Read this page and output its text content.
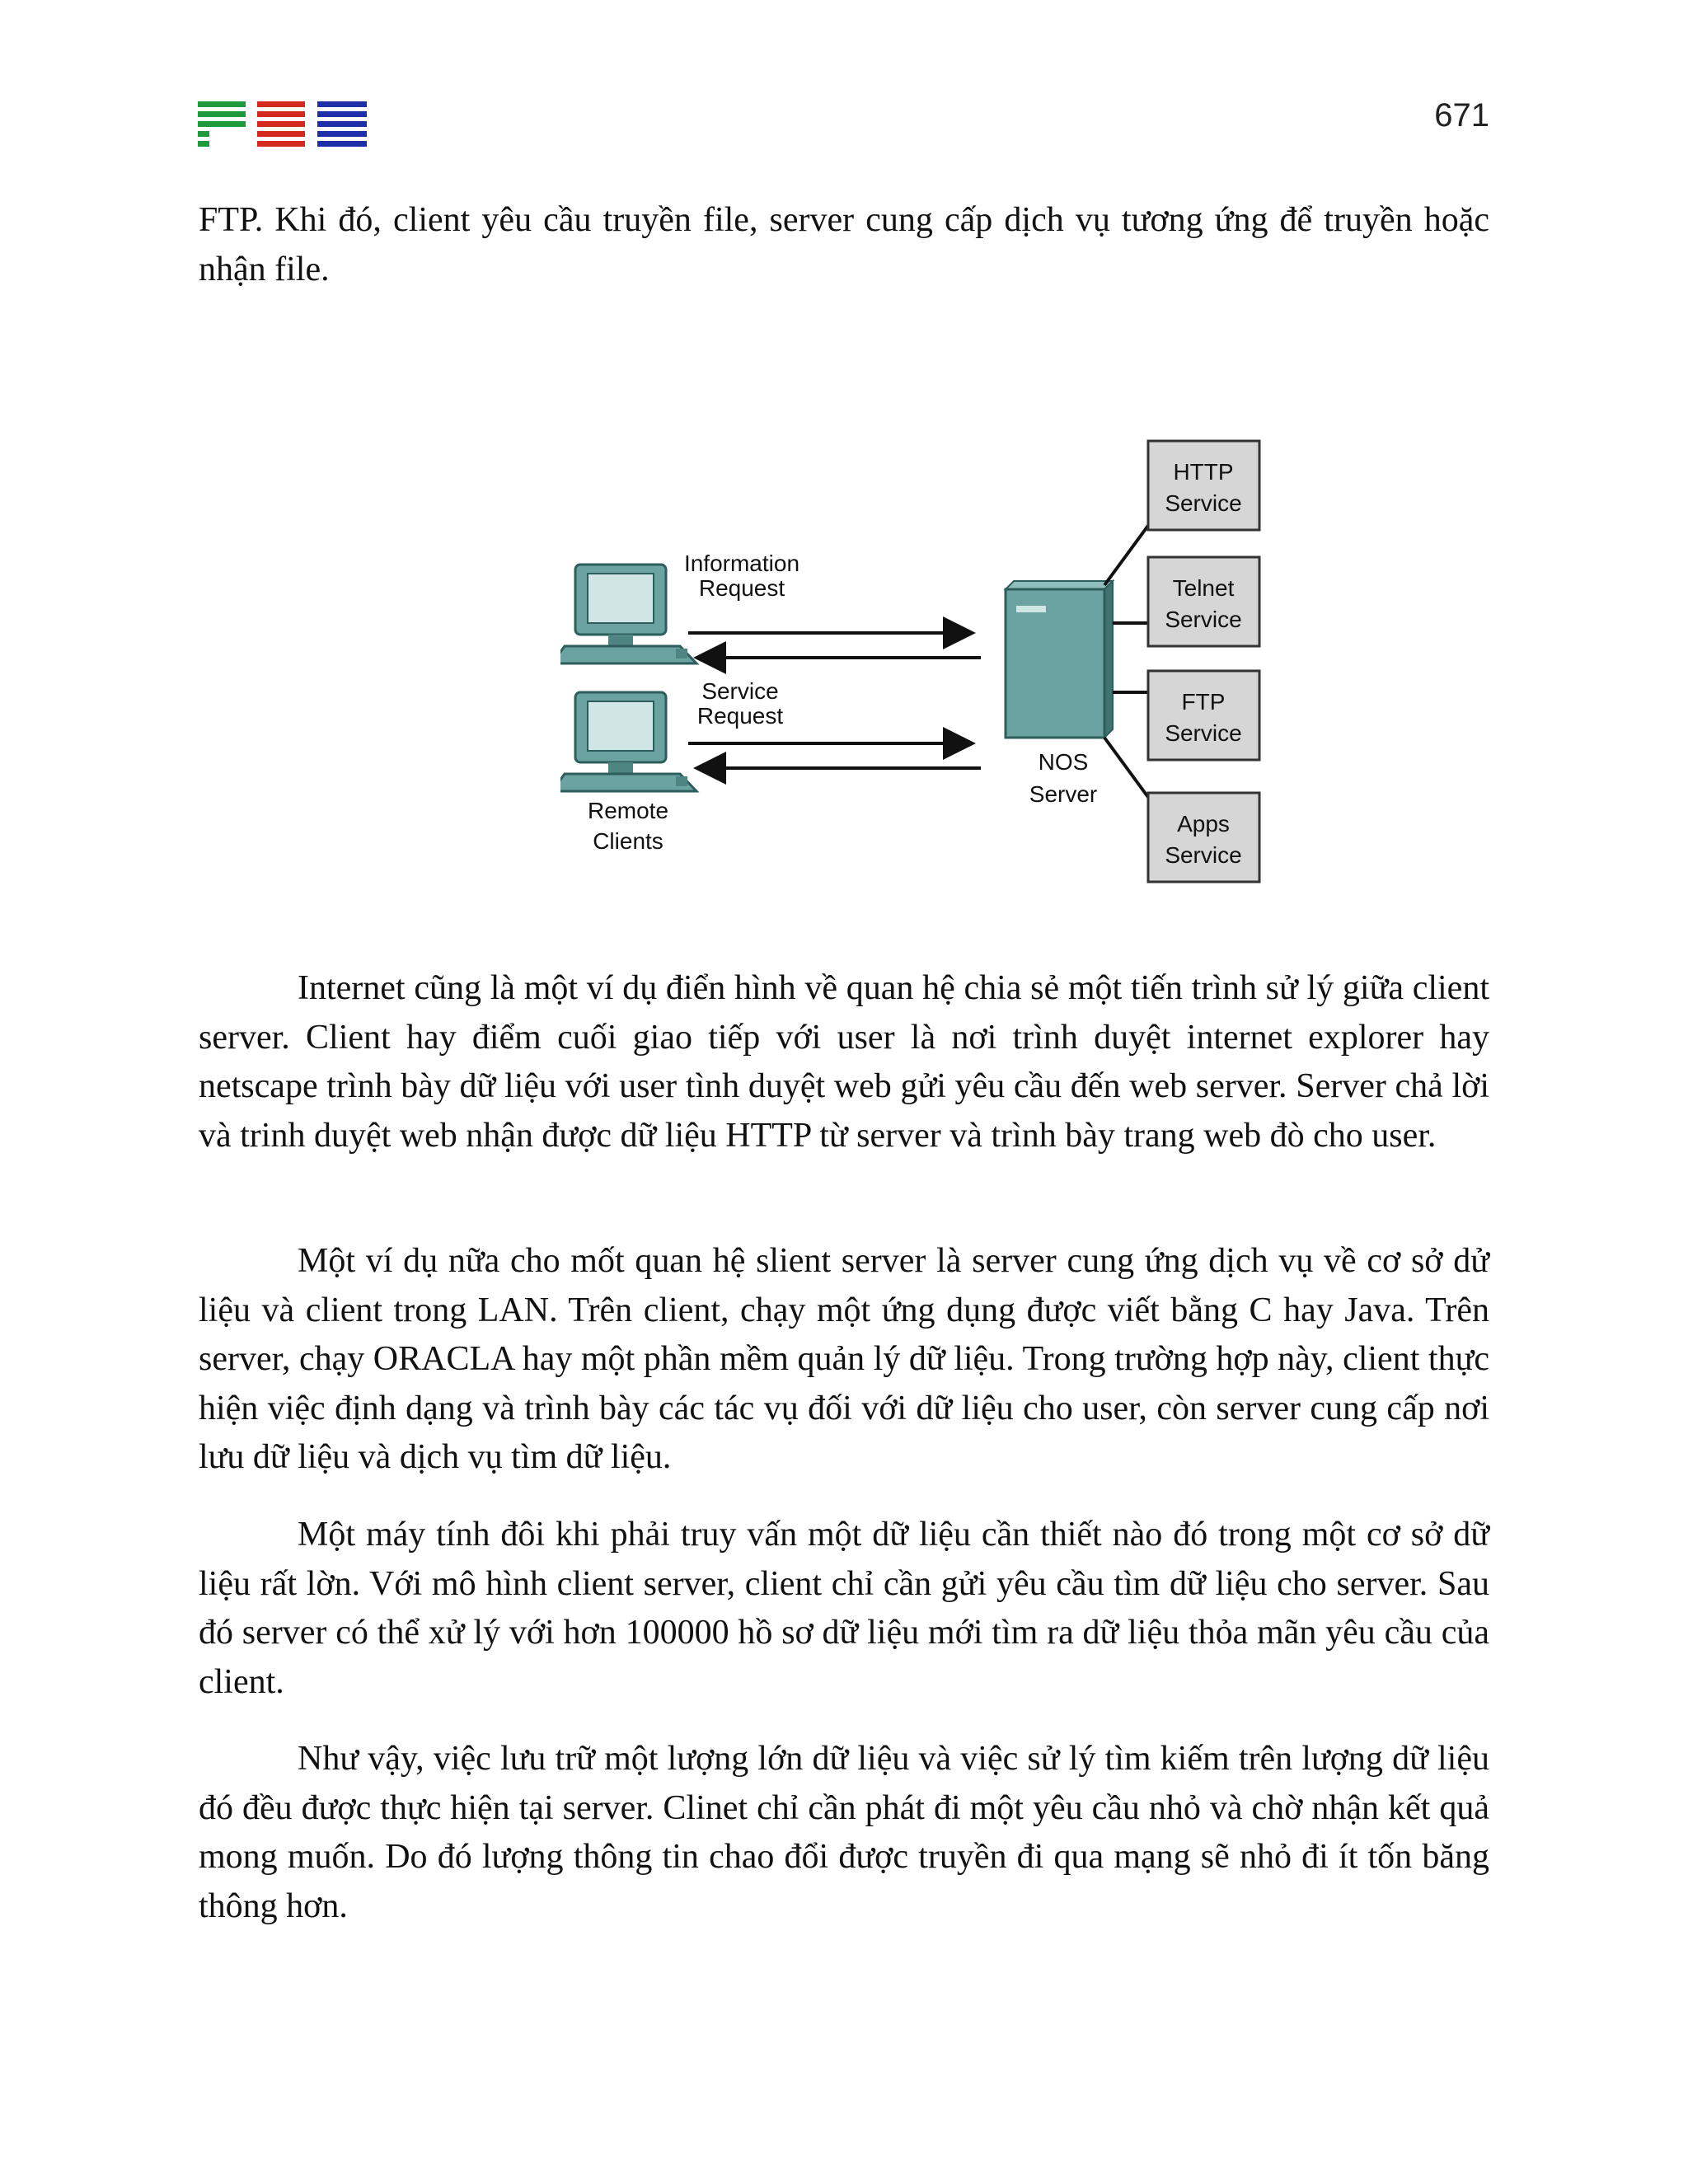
671

FTP. Khi đó, client yêu cầu truyền file, server cung cấp dịch vụ tương ứng để truyền hoặc nhận file.

Information
Request
Service
Request
Remote
Clients
NOS
Server
HTTP
Service
Telnet
Service
FTP
Service
Apps
Service

Internet cũng là một ví dụ điển hình về quan hệ chia sẻ một tiến trình sử lý giữa client server. Client hay điểm cuối giao tiếp với user là nơi trình duyệt internet explorer hay netscape trình bày dữ liệu với user tình duyệt web gửi yêu cầu đến web server. Server chả lời và trinh duyệt web nhận được dữ liệu HTTP từ server và trình bày trang web đò cho user.

Một ví dụ nữa cho mốt quan hệ slient server là server cung ứng dịch vụ về cơ sở dử liệu và client trong LAN. Trên client, chạy một ứng dụng được viết bằng C hay Java. Trên server, chạy ORACLA hay một phần mềm quản lý dữ liệu. Trong trường hợp này, client thực hiện việc định dạng và trình bày các tác vụ đối với dữ liệu cho user, còn server cung cấp nơi lưu dữ liệu và dịch vụ tìm dữ liệu.

Một máy tính đôi khi phải truy vấn một dữ liệu cần thiết nào đó trong một cơ sở dữ liệu rất lờn. Với mô hình client server, client chỉ cần gửi yêu cầu tìm dữ liệu cho server. Sau đó server có thể xử lý với hơn 100000 hồ sơ dữ liệu mới tìm ra dữ liệu thỏa mãn yêu cầu của client.

Như vậy, việc lưu trữ một lượng lớn dữ liệu và việc sử lý tìm kiếm trên lượng dữ liệu đó đều được thực hiện tại server. Clinet chỉ cần phát đi một yêu cầu nhỏ và chờ nhận kết quả mong muốn. Do đó lượng thông tin chao đổi được truyền đi qua mạng sẽ nhỏ đi ít tốn băng thông hơn.
